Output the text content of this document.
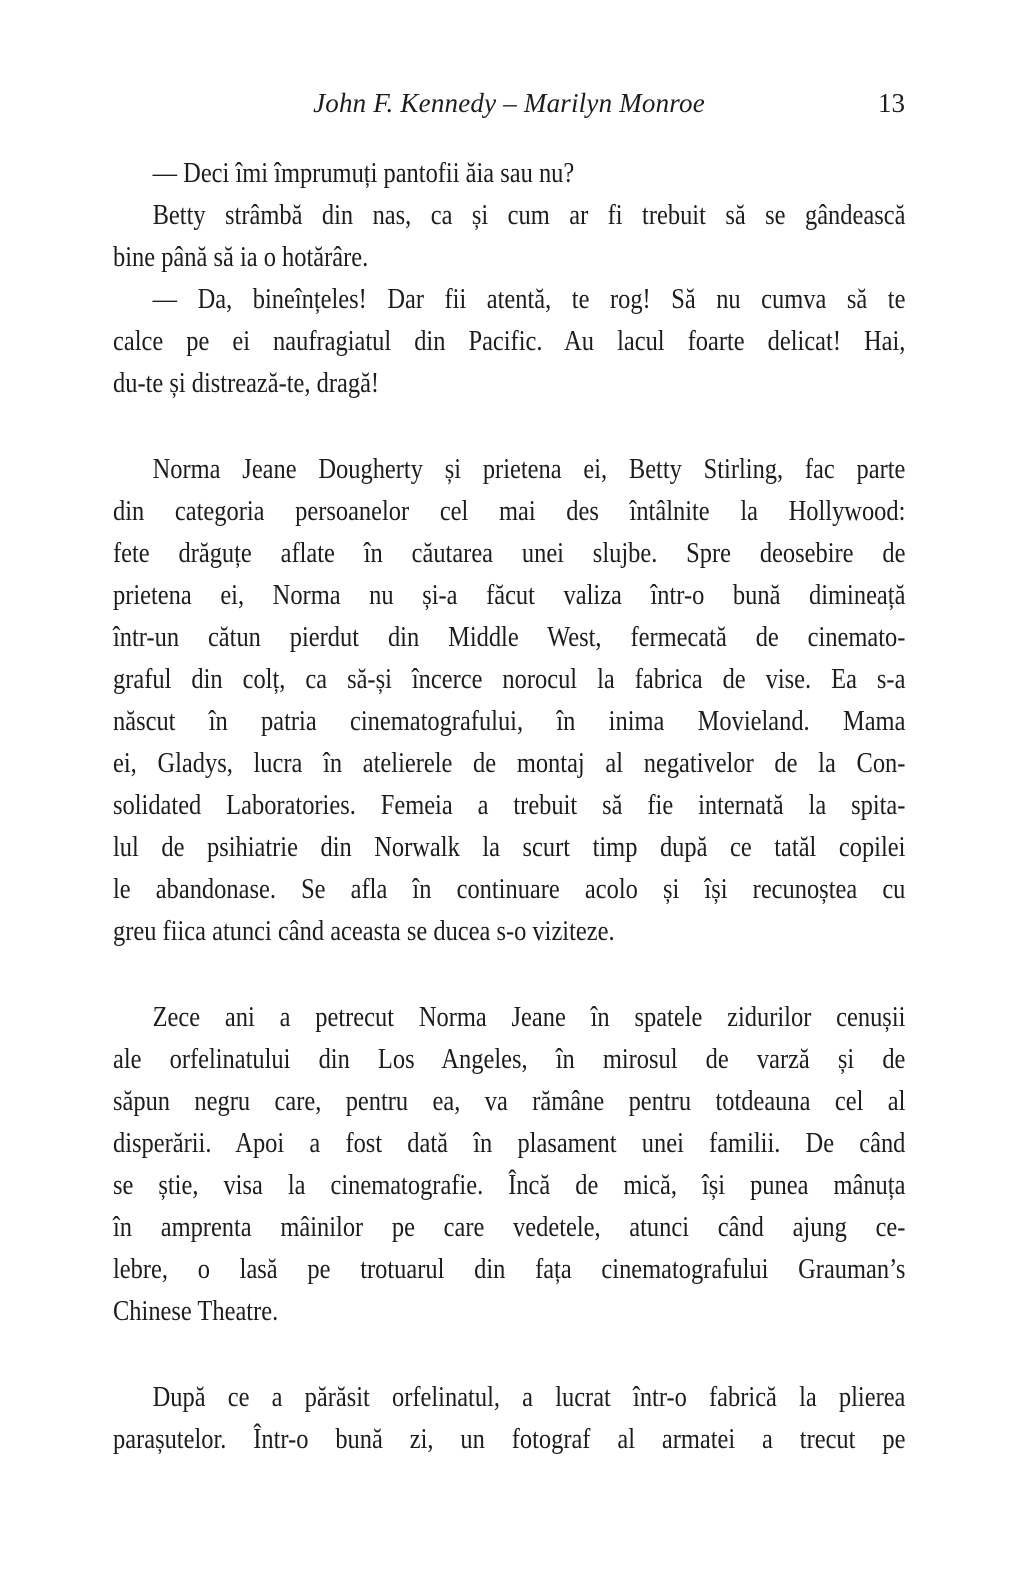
John F. Kennedy – Marilyn Monroe	13
— Deci îmi împrumuți pantofii ăia sau nu?
Betty strâmbă din nas, ca și cum ar fi trebuit să se gândească
bine până să ia o hotărâre.
— Da, bineînțeles! Dar fii atentă, te rog! Să nu cumva să te
calce pe ei naufragiatul din Pacific. Au lacul foarte delicat! Hai,
du-te și distrează-te, dragă!
Norma Jeane Dougherty și prietena ei, Betty Stirling, fac parte
din categoria persoanelor cel mai des întâlnite la Hollywood:
fete drăguțe aflate în căutarea unei slujbe. Spre deosebire de
prietena ei, Norma nu și-a făcut valiza într-o bună dimineață
într-un cătun pierdut din Middle West, fermecată de cinemato-
graful din colț, ca să-și încerce norocul la fabrica de vise. Ea s-a
născut în patria cinematografului, în inima Movieland. Mama
ei, Gladys, lucra în atelierele de montaj al negativelor de la Con-
solidated Laboratories. Femeia a trebuit să fie internată la spita-
lul de psihiatrie din Norwalk la scurt timp după ce tatăl copilei
le abandonase. Se afla în continuare acolo și își recunoștea cu
greu fiica atunci când aceasta se ducea s-o viziteze.
Zece ani a petrecut Norma Jeane în spatele zidurilor cenușii
ale orfelinatului din Los Angeles, în mirosul de varză și de
săpun negru care, pentru ea, va rămâne pentru totdeauna cel al
disperării. Apoi a fost dată în plasament unei familii. De când
se știe, visa la cinematografie. Încă de mică, își punea mânuța
în amprenta mâinilor pe care vedetele, atunci când ajung ce-
lebre, o lasă pe trotuarul din fața cinematografului Grauman’s
Chinese Theatre.
După ce a părăsit orfelinatul, a lucrat într-o fabrică la plierea
parașutelor. Într-o bună zi, un fotograf al armatei a trecut pe
